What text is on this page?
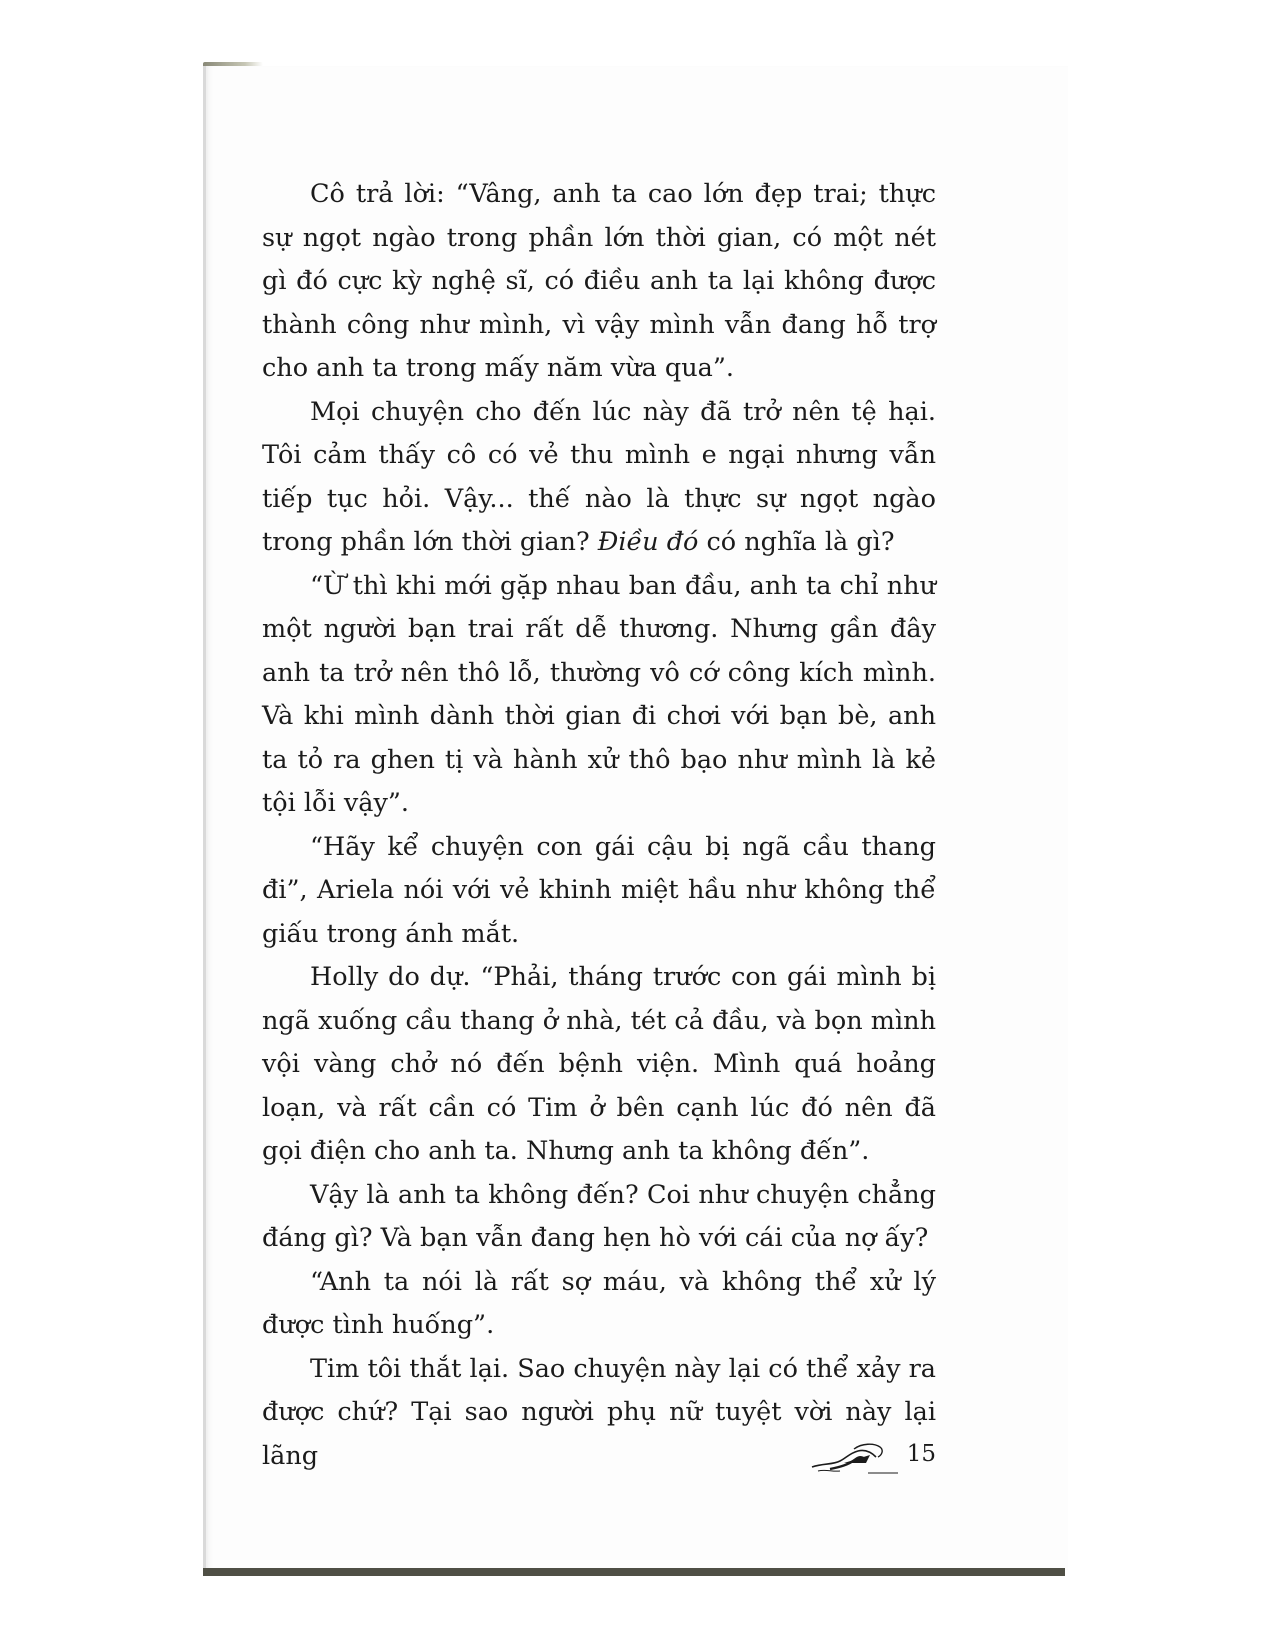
Cô trả lời: “Vâng, anh ta cao lớn đẹp trai; thực sự ngọt ngào trong phần lớn thời gian, có một nét gì đó cực kỳ nghệ sĩ, có điều anh ta lại không được thành công như mình, vì vậy mình vẫn đang hỗ trợ cho anh ta trong mấy năm vừa qua”.

Mọi chuyện cho đến lúc này đã trở nên tệ hại. Tôi cảm thấy cô có vẻ thu mình e ngại nhưng vẫn tiếp tục hỏi. Vậy... thế nào là thực sự ngọt ngào trong phần lớn thời gian? Điều đó có nghĩa là gì?

“Ừ thì khi mới gặp nhau ban đầu, anh ta chỉ như một người bạn trai rất dễ thương. Nhưng gần đây anh ta trở nên thô lỗ, thường vô cớ công kích mình. Và khi mình dành thời gian đi chơi với bạn bè, anh ta tỏ ra ghen tị và hành xử thô bạo như mình là kẻ tội lỗi vậy”.

“Hãy kể chuyện con gái cậu bị ngã cầu thang đi”, Ariela nói với vẻ khinh miệt hầu như không thể giấu trong ánh mắt.

Holly do dự. “Phải, tháng trước con gái mình bị ngã xuống cầu thang ở nhà, tét cả đầu, và bọn mình vội vàng chở nó đến bệnh viện. Mình quá hoảng loạn, và rất cần có Tim ở bên cạnh lúc đó nên đã gọi điện cho anh ta. Nhưng anh ta không đến”.

Vậy là anh ta không đến? Coi như chuyện chẳng đáng gì? Và bạn vẫn đang hẹn hò với cái của nợ ấy?

“Anh ta nói là rất sợ máu, và không thể xử lý được tình huống”.

Tim tôi thắt lại. Sao chuyện này lại có thể xảy ra được chứ? Tại sao người phụ nữ tuyệt vời này lại lãng	15
